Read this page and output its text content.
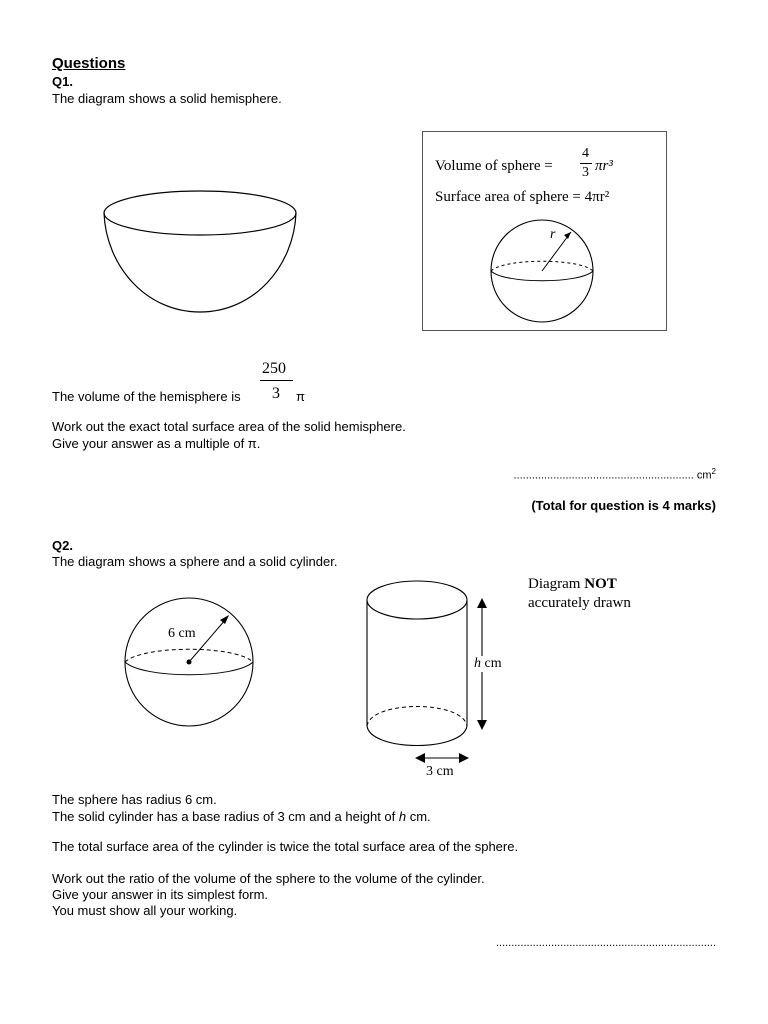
Questions
Q1.
The diagram shows a solid hemisphere.
Volume of sphere =
4
3 πr³
Surface area of sphere = 4πr²
r
250
The volume of the hemisphere is 3 π
Work out the exact total surface area of the solid hemisphere.
Give your answer as a multiple of π.
........................................................... $cm^2$
(Total for question is 4 marks)
Q2.
The diagram shows a sphere and a solid cylinder.
6 cm
h cm
3 cm
Diagram NOT
accurately drawn
The sphere has radius 6 cm.
The solid cylinder has a base radius of 3 cm and a height of h cm.
The total surface area of the cylinder is twice the total surface area of the sphere.
Work out the ratio of the volume of the sphere to the volume of the cylinder.
Give your answer in its simplest form.
You must show all your working.
........................................................................
